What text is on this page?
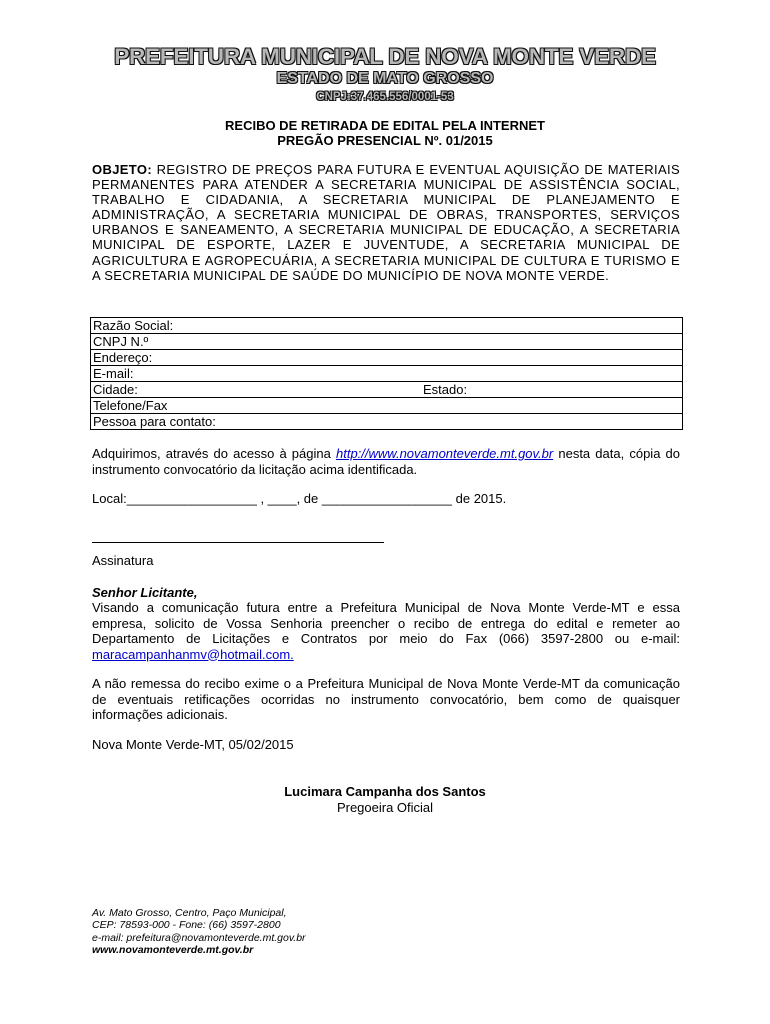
PREFEITURA MUNICIPAL DE NOVA MONTE VERDE
ESTADO DE MATO GROSSO
CNPJ:37.465.556/0001-53
RECIBO DE RETIRADA DE EDITAL PELA INTERNET
PREGÃO PRESENCIAL Nº. 01/2015
OBJETO: REGISTRO DE PREÇOS PARA FUTURA E EVENTUAL AQUISIÇÃO DE MATERIAIS PERMANENTES PARA ATENDER A SECRETARIA MUNICIPAL DE ASSISTÊNCIA SOCIAL, TRABALHO E CIDADANIA, A SECRETARIA MUNICIPAL DE PLANEJAMENTO E ADMINISTRAÇÃO, A SECRETARIA MUNICIPAL DE OBRAS, TRANSPORTES, SERVIÇOS URBANOS E SANEAMENTO, A SECRETARIA MUNICIPAL DE EDUCAÇÃO, A SECRETARIA MUNICIPAL DE ESPORTE, LAZER E JUVENTUDE, A SECRETARIA MUNICIPAL DE AGRICULTURA E AGROPECUÁRIA, A SECRETARIA MUNICIPAL DE CULTURA E TURISMO E A SECRETARIA MUNICIPAL DE SAÚDE DO MUNICÍPIO DE NOVA MONTE VERDE.
Razão Social:
CNPJ N.º
Endereço:
E-mail:

Cidade:	Estado:

Telefone/Fax
Pessoa para contato:
Adquirimos, através do acesso à página http://www.novamonteverde.mt.gov.br nesta data, cópia do instrumento convocatório da licitação acima identificada.
Local:__________________ , ____, de __________________ de 2015.
Assinatura
Senhor Licitante,
Visando a comunicação futura entre a Prefeitura Municipal de Nova Monte Verde-MT e essa empresa, solicito de Vossa Senhoria preencher o recibo de entrega do edital e remeter ao Departamento de Licitações e Contratos por meio do Fax (066) 3597-2800 ou e-mail: maracampanhanmv@hotmail.com.
A não remessa do recibo exime o a Prefeitura Municipal de Nova Monte Verde-MT da comunicação de eventuais retificações ocorridas no instrumento convocatório, bem como de quaisquer informações adicionais.
Nova Monte Verde-MT, 05/02/2015
Lucimara Campanha dos Santos
Pregoeira Oficial
Av. Mato Grosso, Centro, Paço Municipal,
CEP: 78593-000 - Fone: (66) 3597-2800
e-mail: prefeitura@novamonteverde.mt.gov.br
www.novamonteverde.mt.gov.br
